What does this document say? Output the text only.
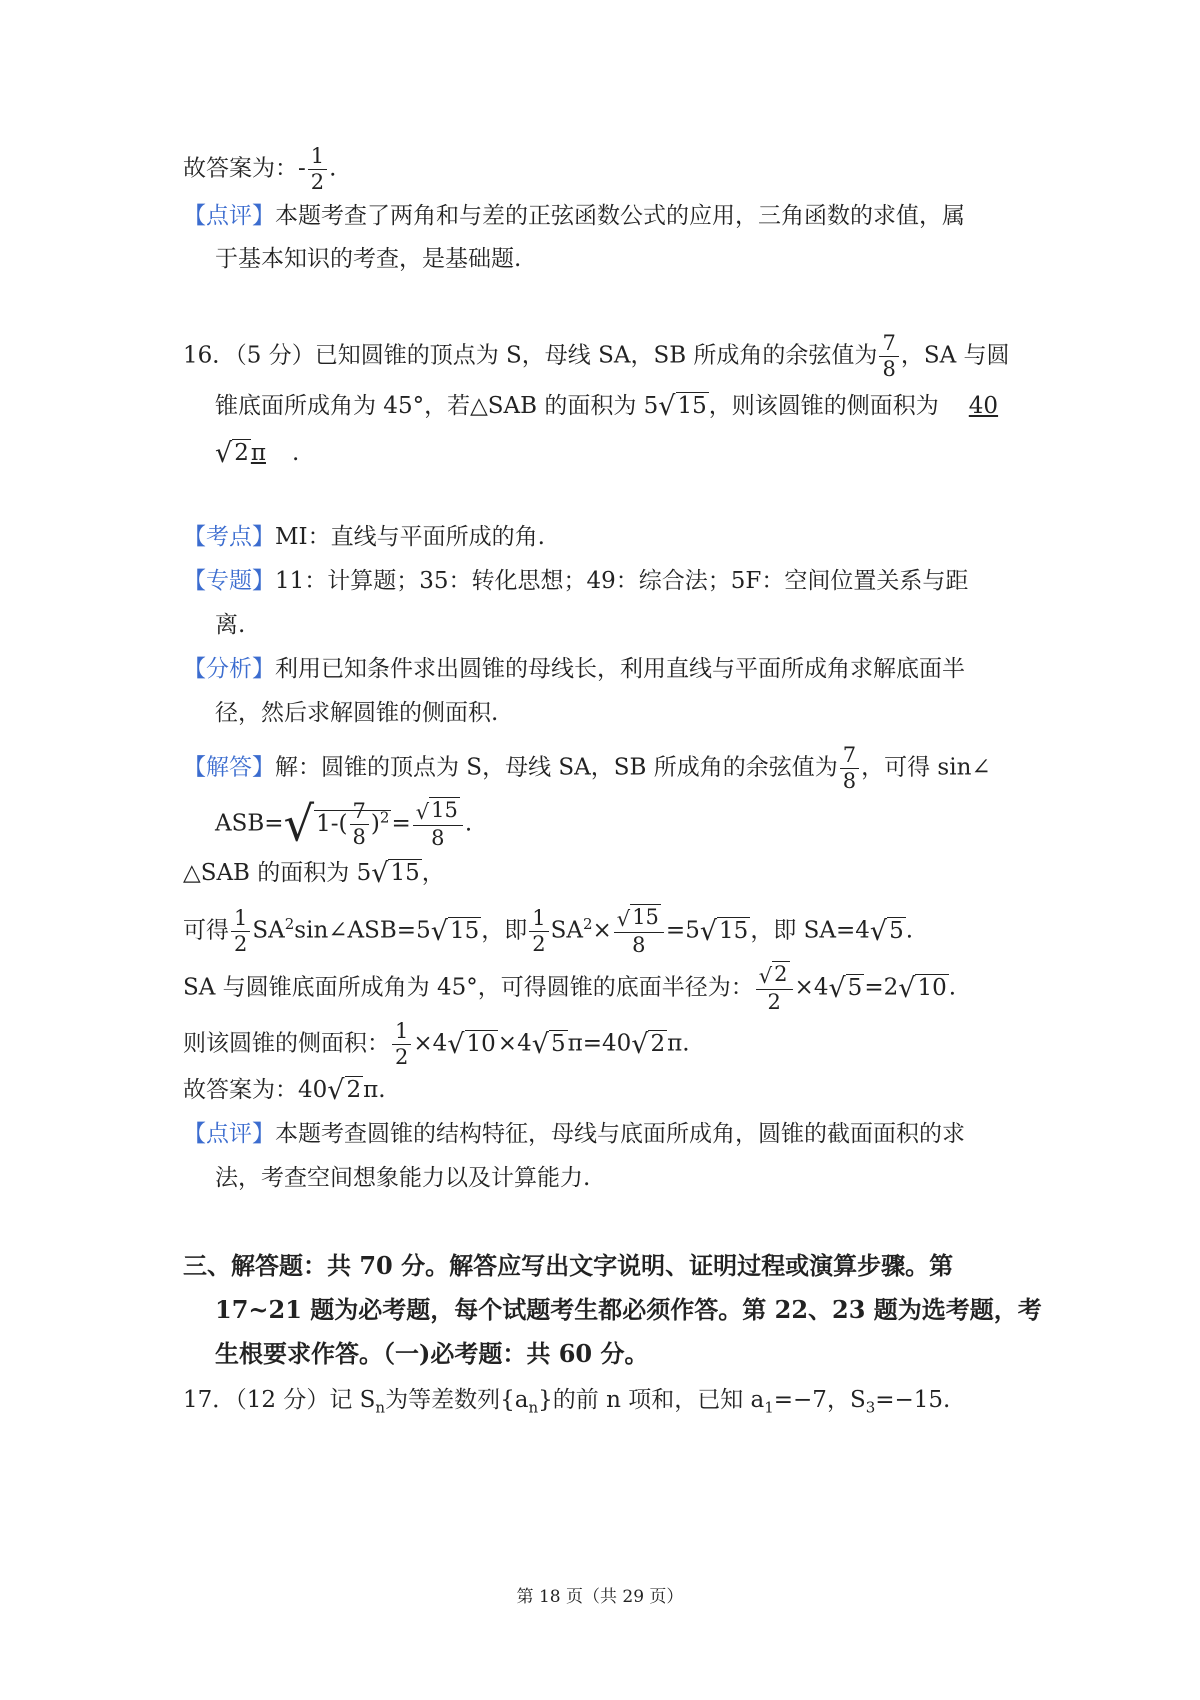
故答案为：- $\frac{1}{2}$ .
【点评】本题考查了两角和与差的正弦函数公式的应用，三角函数的求值，属
于基本知识的考查，是基础题.
16．（5 分）已知圆锥的顶点为 S，母线 SA，SB 所成角的余弦值为 $\frac{7}{8}$ ，SA 与圆
锥底面所成角为 45°，若△SAB 的面积为 5√15，则该圆锥的侧面积为 40
√2π .
【考点】MI：直线与平面所成的角.
【专题】11：计算题；35：转化思想；49：综合法；5F：空间位置关系与距
离.
【分析】利用已知条件求出圆锥的母线长，利用直线与平面所成角求解底面半
径，然后求解圆锥的侧面积.
【解答】解：圆锥的顶点为 S，母线 SA，SB 所成角的余弦值为 $\frac{7}{8}$ ，可得 sin∠
$ASB=√1-( \frac{7}{8} )^2= \frac{√15}{8}$ .
△SAB 的面积为 5√15，
可得 $\frac{1}{2}$ $SA^2\sin\angle ASB=5√15$，即 $\frac{1}{2} SA^2\times \frac{√15}{8} =5√15$，即 SA=4√5.
SA 与圆锥底面所成角为 45°，可得圆锥的底面半径为： $\frac{√2}{2} \times 4√5=2√10$.
则该圆锥的侧面积： $\frac{1}{2} \times 4√10\times 4√5\pi=40√2\pi$.
故答案为：40√2π.
【点评】本题考查圆锥的结构特征，母线与底面所成角，圆锥的截面面积的求
法，考查空间想象能力以及计算能力.
三、解答题：共 70 分。解答应写出文字说明、证明过程或演算步骤。第
17~21 题为必考题，每个试题考生都必须作答。第 22、23 题为选考题，考
生根要求作答。（一)必考题：共 60 分。
17．（12 分）记 $S_n$为等差数列$\{a_n\}$的前 n 项和，已知 $a_1=-7$，$S_3=-15$.
第 18 页（共 29 页）
